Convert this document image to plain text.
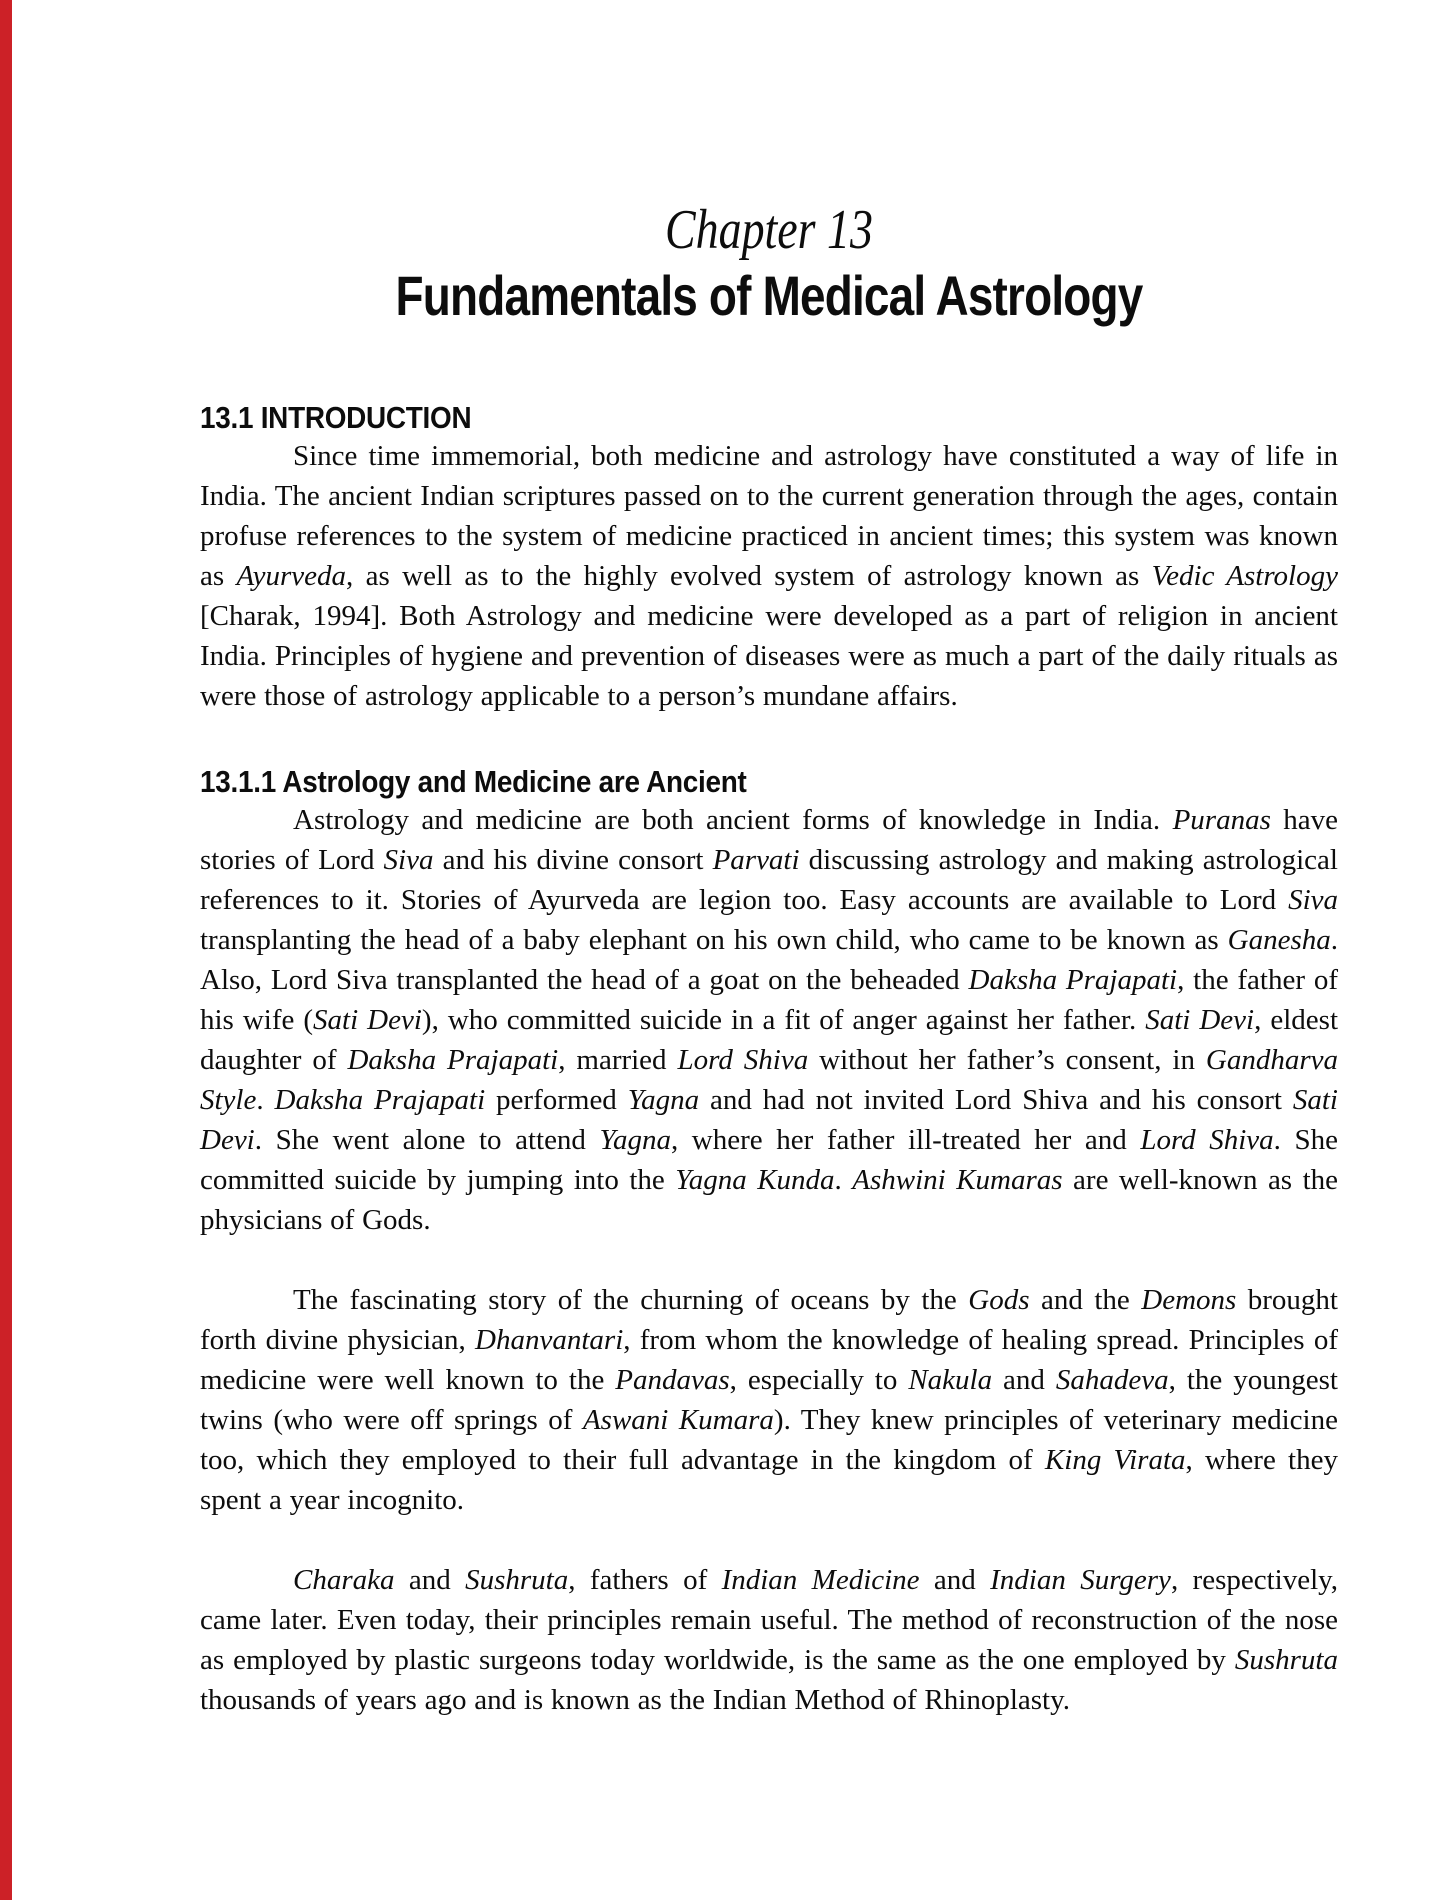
Chapter 13
Fundamentals of Medical Astrology
13.1 INTRODUCTION

Since time immemorial, both medicine and astrology have constituted a way of life in India. The ancient Indian scriptures passed on to the current generation through the ages, contain profuse references to the system of medicine practiced in ancient times; this system was known as Ayurveda, as well as to the highly evolved system of astrology known as Vedic Astrology [Charak, 1994]. Both Astrology and medicine were developed as a part of religion in ancient India. Principles of hygiene and prevention of diseases were as much a part of the daily rituals as were those of astrology applicable to a person’s mundane affairs.

13.1.1 Astrology and Medicine are Ancient

Astrology and medicine are both ancient forms of knowledge in India. Puranas have stories of Lord Siva and his divine consort Parvati discussing astrology and making astrological references to it. Stories of Ayurveda are legion too. Easy accounts are available to Lord Siva transplanting the head of a baby elephant on his own child, who came to be known as Ganesha. Also, Lord Siva transplanted the head of a goat on the beheaded Daksha Prajapati, the father of his wife (Sati Devi), who committed suicide in a fit of anger against her father. Sati Devi, eldest daughter of Daksha Prajapati, married Lord Shiva without her father’s consent, in Gandharva Style. Daksha Prajapati performed Yagna and had not invited Lord Shiva and his consort Sati Devi. She went alone to attend Yagna, where her father ill-treated her and Lord Shiva. She committed suicide by jumping into the Yagna Kunda. Ashwini Kumaras are well-known as the physicians of Gods.

The fascinating story of the churning of oceans by the Gods and the Demons brought forth divine physician, Dhanvantari, from whom the knowledge of healing spread. Principles of medicine were well known to the Pandavas, especially to Nakula and Sahadeva, the youngest twins (who were off springs of Aswani Kumara). They knew principles of veterinary medicine too, which they employed to their full advantage in the kingdom of King Virata, where they spent a year incognito.

Charaka and Sushruta, fathers of Indian Medicine and Indian Surgery, respectively, came later. Even today, their principles remain useful. The method of reconstruction of the nose as employed by plastic surgeons today worldwide, is the same as the one employed by Sushruta thousands of years ago and is known as the Indian Method of Rhinoplasty.
